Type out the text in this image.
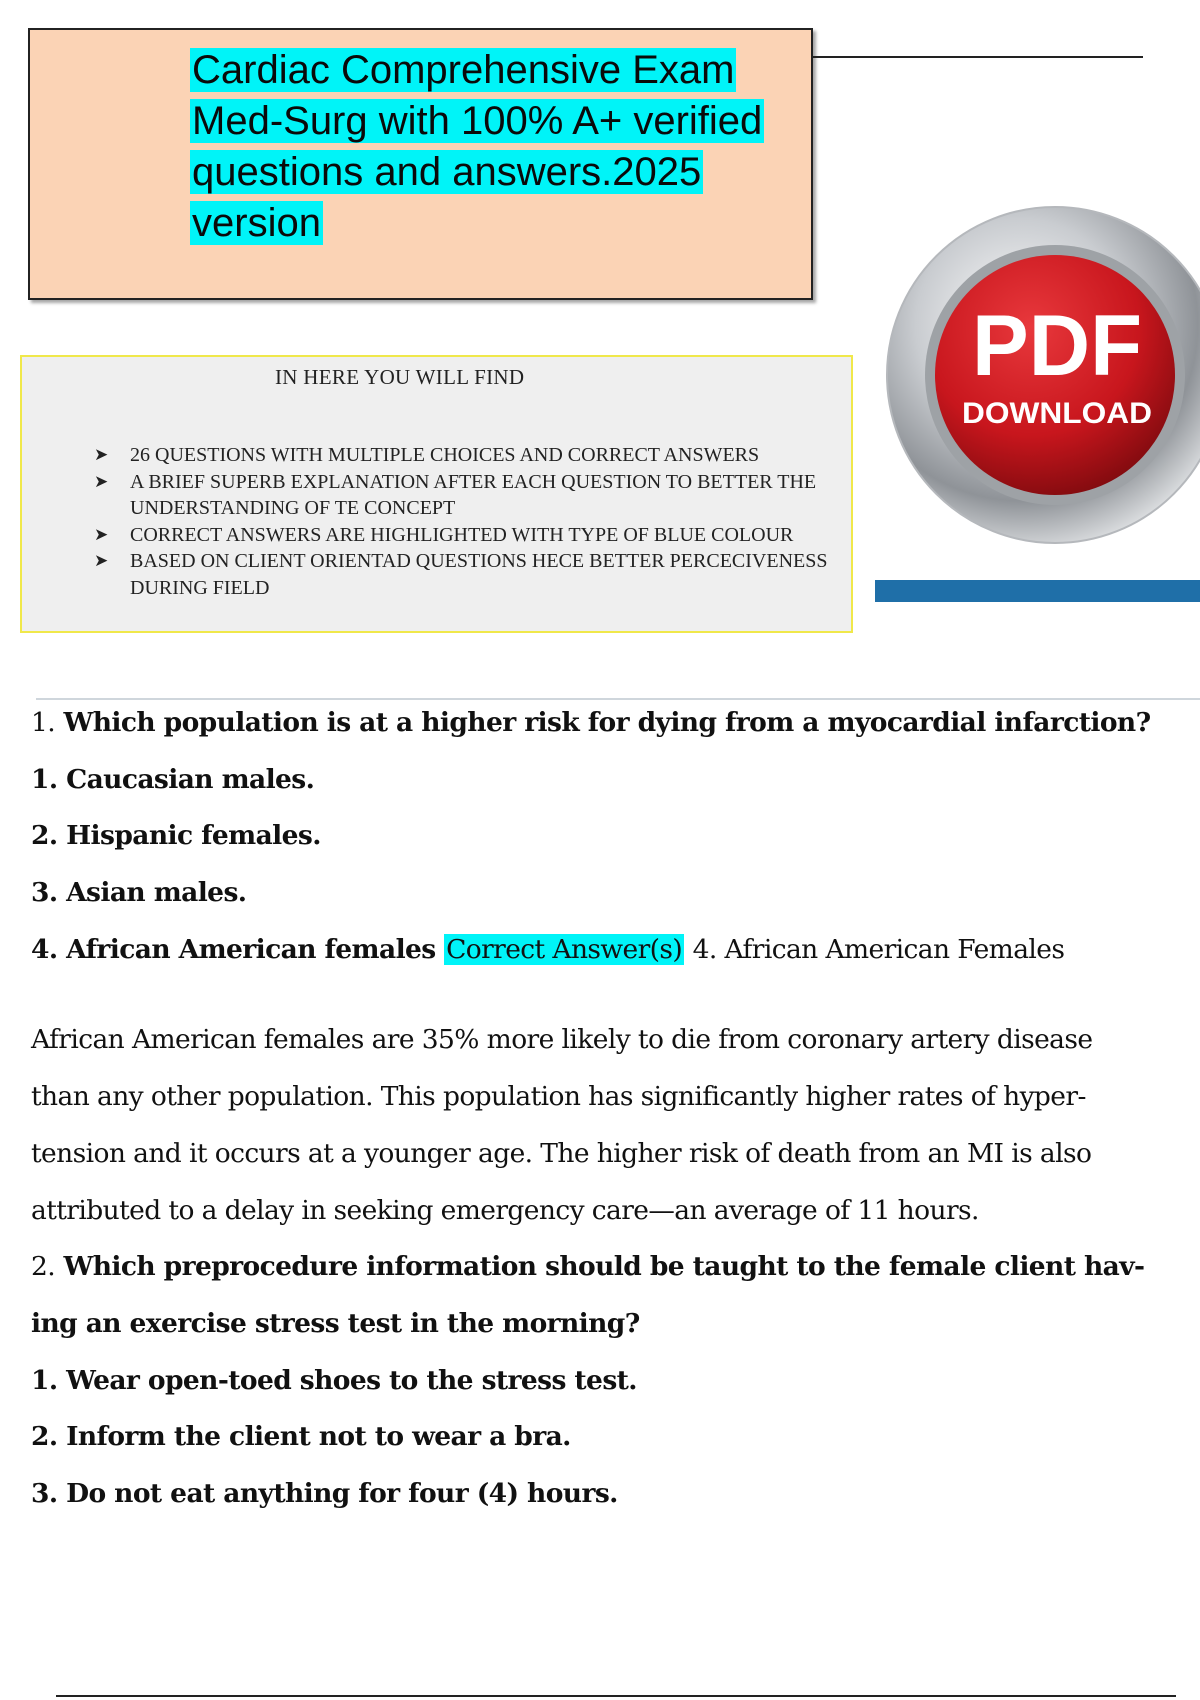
Cardiac Comprehensive Exam
Med-Surg with 100% A+ verified
questions and answers.2025
version
IN HERE YOU WILL FIND
➤ 26 QUESTIONS WITH MULTIPLE CHOICES AND CORRECT ANSWERS
➤ A BRIEF SUPERB EXPLANATION AFTER EACH QUESTION TO BETTER THE UNDERSTANDING OF TE CONCEPT
➤ CORRECT ANSWERS ARE HIGHLIGHTED WITH TYPE OF BLUE COLOUR
➤ BASED ON CLIENT ORIENTAD QUESTIONS HECE BETTER PERCECIVENESS DURING FIELD
PDF
DOWNLOAD
1. Which population is at a higher risk for dying from a myocardial infarction?
1. Caucasian males.
2. Hispanic females.
3. Asian males.
4. African American females Correct Answer(s) 4. African American Females
African American females are 35% more likely to die from coronary artery disease
than any other population. This population has significantly higher rates of hyper-
tension and it occurs at a younger age. The higher risk of death from an MI is also
attributed to a delay in seeking emergency care—an average of 11 hours.
2. Which preprocedure information should be taught to the female client hav-
ing an exercise stress test in the morning?
1. Wear open-toed shoes to the stress test.
2. Inform the client not to wear a bra.
3. Do not eat anything for four (4) hours.
